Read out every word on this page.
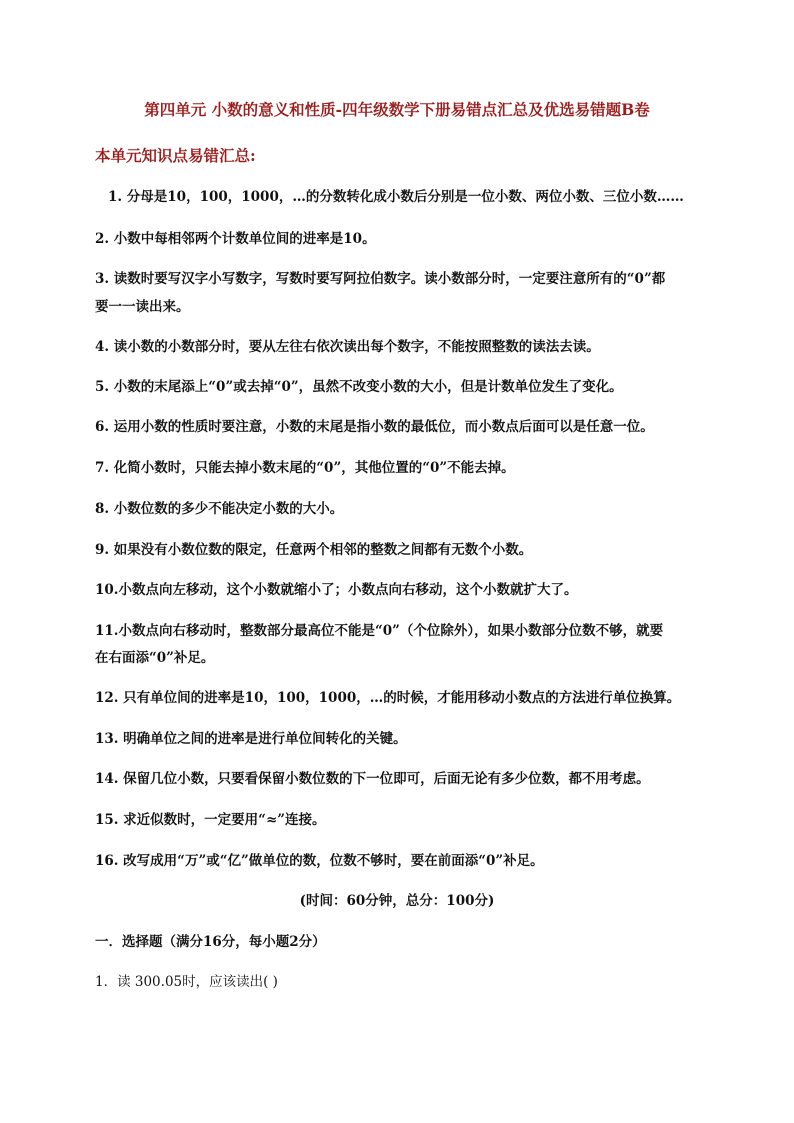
第四单元 小数的意义和性质-四年级数学下册易错点汇总及优选易错题B卷
本单元知识点易错汇总:
1. 分母是10，100，1000，…的分数转化成小数后分别是一位小数、两位小数、三位小数……
2. 小数中每相邻两个计数单位间的进率是10。
3. 读数时要写汉字小写数字，写数时要写阿拉伯数字。读小数部分时，一定要注意所有的“0”都
要一一读出来。
4. 读小数的小数部分时，要从左往右依次读出每个数字，不能按照整数的读法去读。
5. 小数的末尾添上“0”或去掉“0”，虽然不改变小数的大小，但是计数单位发生了变化。
6. 运用小数的性质时要注意，小数的末尾是指小数的最低位，而小数点后面可以是任意一位。
7. 化简小数时，只能去掉小数末尾的“0”，其他位置的“0”不能去掉。
8. 小数位数的多少不能决定小数的大小。
9. 如果没有小数位数的限定，任意两个相邻的整数之间都有无数个小数。
10.小数点向左移动，这个小数就缩小了；小数点向右移动，这个小数就扩大了。
11.小数点向右移动时，整数部分最高位不能是“0”（个位除外），如果小数部分位数不够，就要
在右面添“0”补足。
12. 只有单位间的进率是10，100，1000，…的时候，才能用移动小数点的方法进行单位换算。
13. 明确单位之间的进率是进行单位间转化的关键。
14. 保留几位小数，只要看保留小数位数的下一位即可，后面无论有多少位数，都不用考虑。
15. 求近似数时，一定要用“≈”连接。
16. 改写成用“万”或“亿”做单位的数，位数不够时，要在前面添“0”补足。
(时间：60分钟，总分：100分)
一．选择题（满分16分，每小题2分）
1．读 300.05时，应该读出( )
